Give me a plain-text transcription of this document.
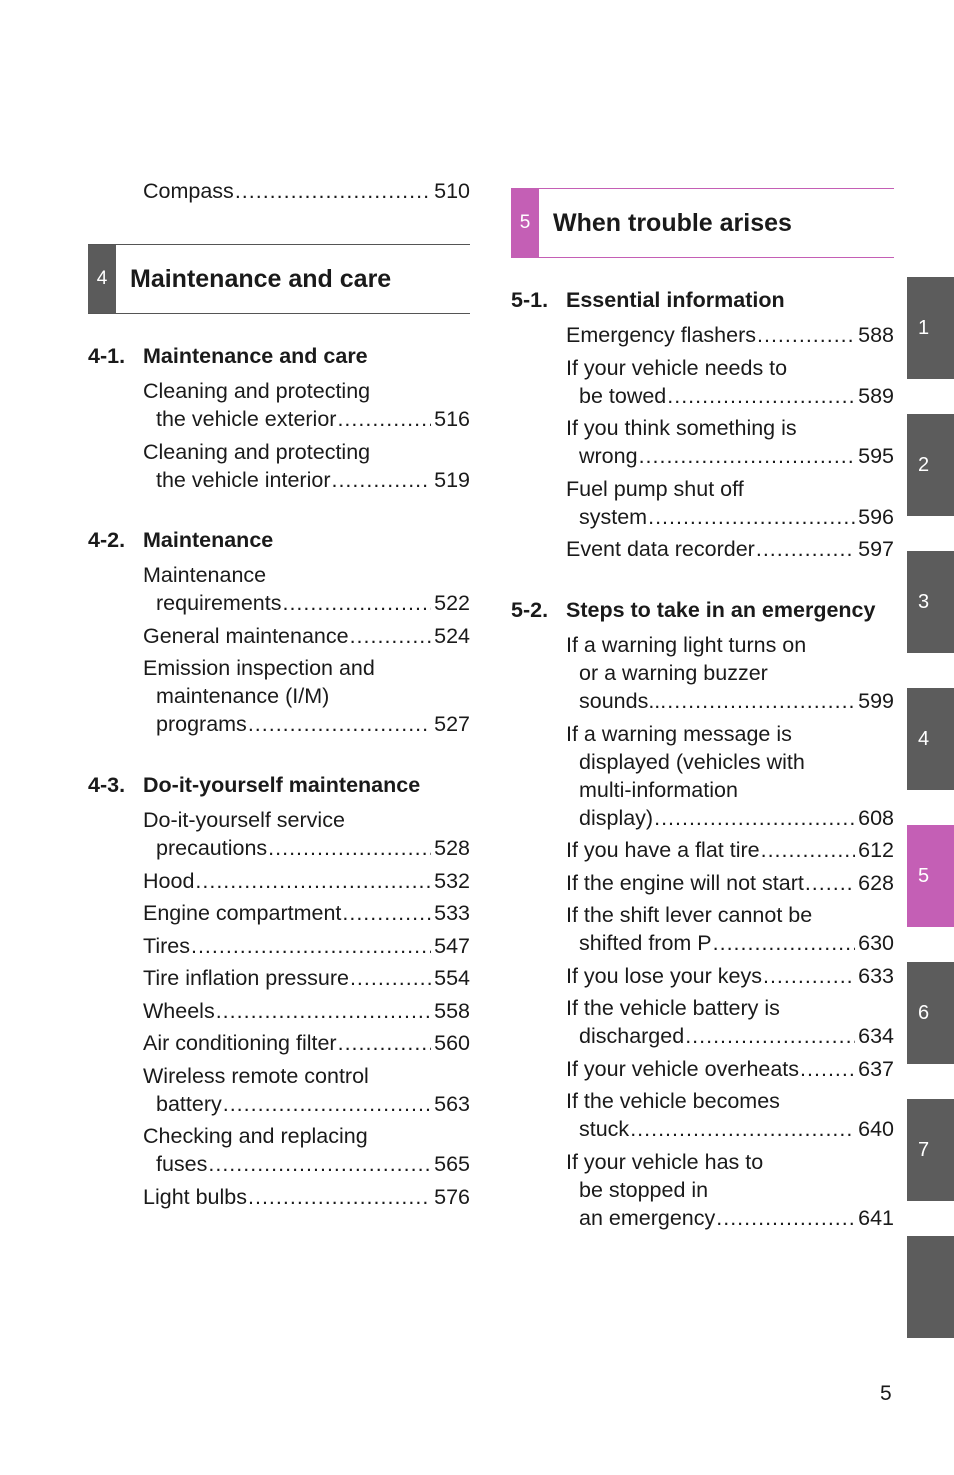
Compass .....	510
4 Maintenance and care
4-1. Maintenance and care
4-2. Maintenance
4-3. Do-it-yourself maintenance
Cleaning and protecting
the vehicle exterior .....	516
Cleaning and protecting
the vehicle interior .....	519
Maintenance
requirements .....	522
General maintenance .....	524
Emission inspection and
maintenance (I/M)
programs .....	527
Do-it-yourself service
precautions .....	528
Hood .....	532
Engine compartment .....	533
Tires .....	547
Tire inflation pressure .....	554
Wheels .....	558
Air conditioning filter .....	560
Wireless remote control
battery .....	563
Checking and replacing
fuses .....	565
Light bulbs .....	576
5 When trouble arises
5-1. Essential information
5-2. Steps to take in an emergency
Emergency flashers .....	588
If your vehicle needs to
be towed .....	589
If you think something is
wrong .....	595
Fuel pump shut off
system .....	596
Event data recorder .....	597
If a warning light turns on
or a warning buzzer
sounds... .....	599
If a warning message is
displayed (vehicles with
multi-information
display) .....	608
If you have a flat tire .....	612
If the engine will not start .....	628
If the shift lever cannot be
shifted from P .....	630
If you lose your keys .....	633
If the vehicle battery is
discharged .....	634
If your vehicle overheats .....	637
If the vehicle becomes
stuck .....	640
If your vehicle has to
be stopped in
an emergency .....	641
1
2
3
4
5
6
7
5
